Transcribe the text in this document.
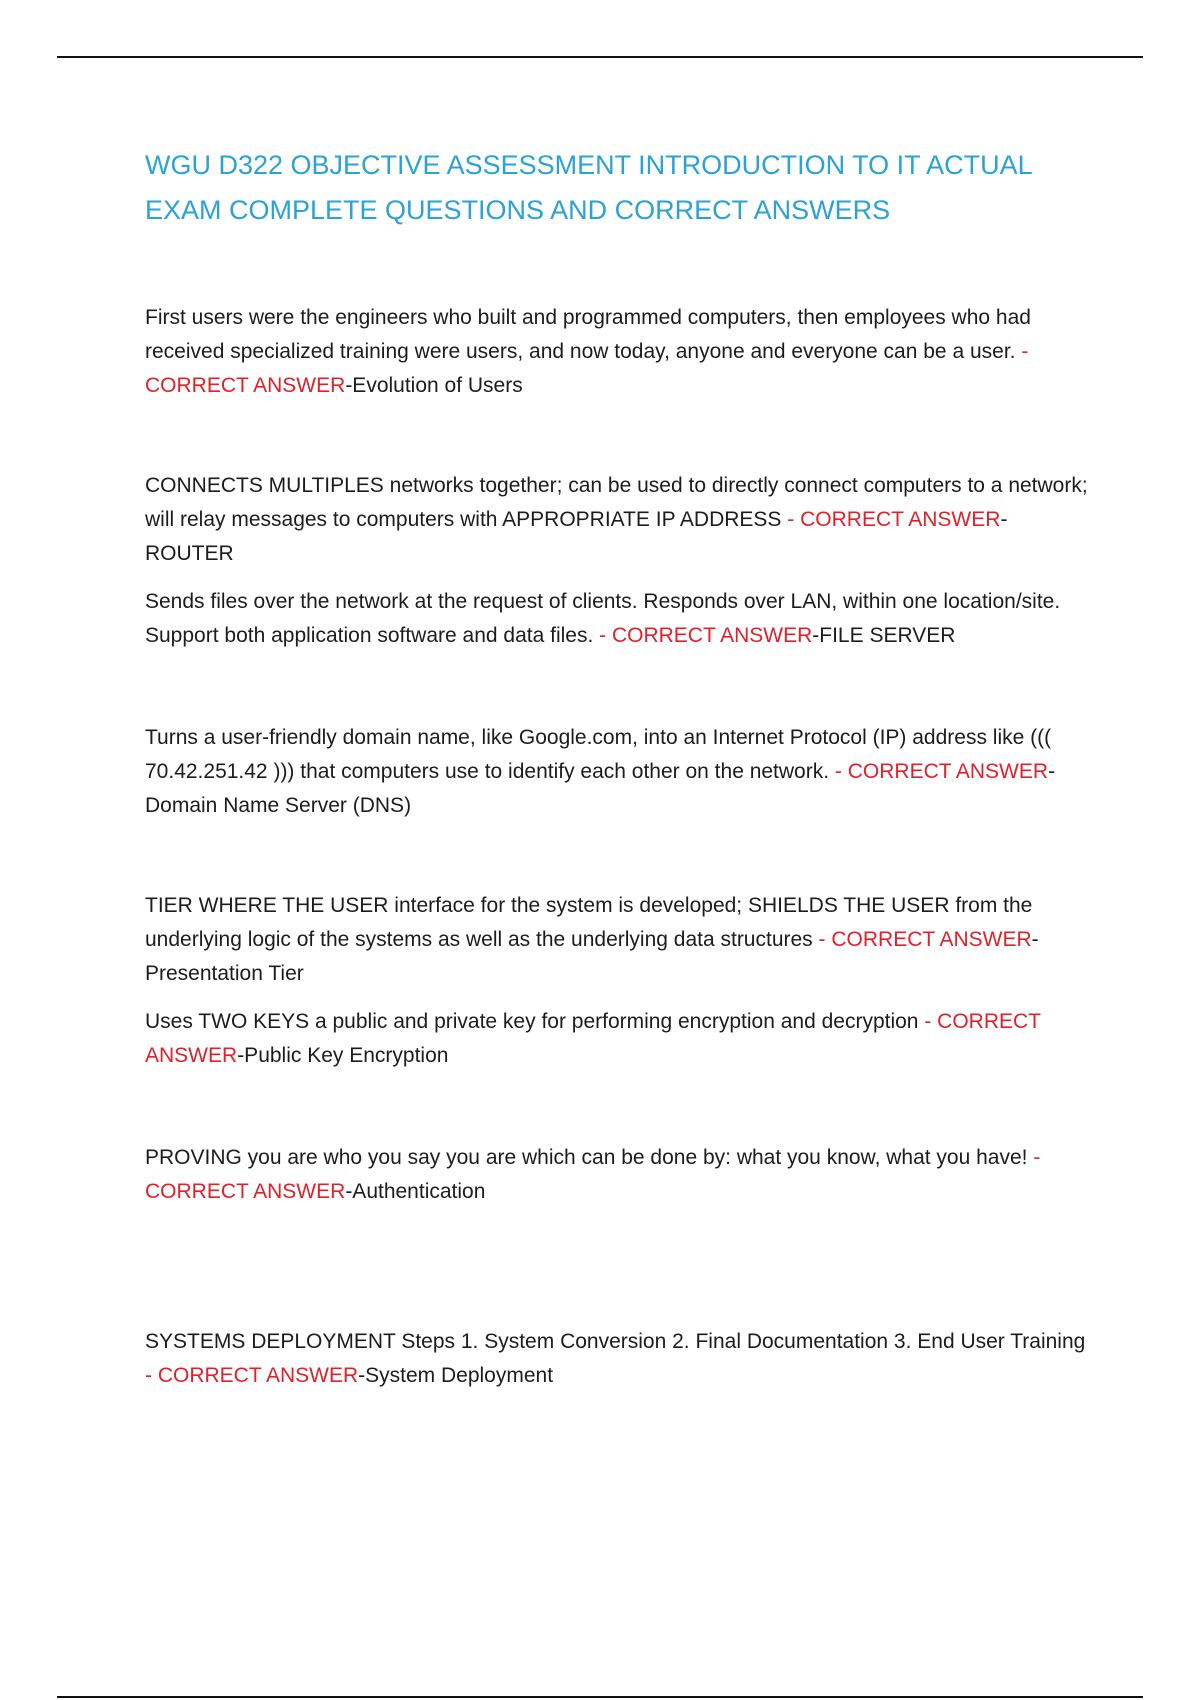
WGU D322 OBJECTIVE ASSESSMENT INTRODUCTION TO IT ACTUAL EXAM COMPLETE QUESTIONS AND CORRECT ANSWERS

First users were the engineers who built and programmed computers, then employees who had received specialized training were users, and now today, anyone and everyone can be a user. - CORRECT ANSWER-Evolution of Users

CONNECTS MULTIPLES networks together; can be used to directly connect computers to a network; will relay messages to computers with APPROPRIATE IP ADDRESS - CORRECT ANSWER-ROUTER

Sends files over the network at the request of clients. Responds over LAN, within one location/site. Support both application software and data files. - CORRECT ANSWER-FILE SERVER

Turns a user-friendly domain name, like Google.com, into an Internet Protocol (IP) address like ((( 70.42.251.42 ))) that computers use to identify each other on the network. - CORRECT ANSWER-Domain Name Server (DNS)

TIER WHERE THE USER interface for the system is developed; SHIELDS THE USER from the underlying logic of the systems as well as the underlying data structures - CORRECT ANSWER-Presentation Tier

Uses TWO KEYS a public and private key for performing encryption and decryption - CORRECT ANSWER-Public Key Encryption

PROVING you are who you say you are which can be done by: what you know, what you have! - CORRECT ANSWER-Authentication

SYSTEMS DEPLOYMENT Steps 1. System Conversion 2. Final Documentation 3. End User Training - CORRECT ANSWER-System Deployment
